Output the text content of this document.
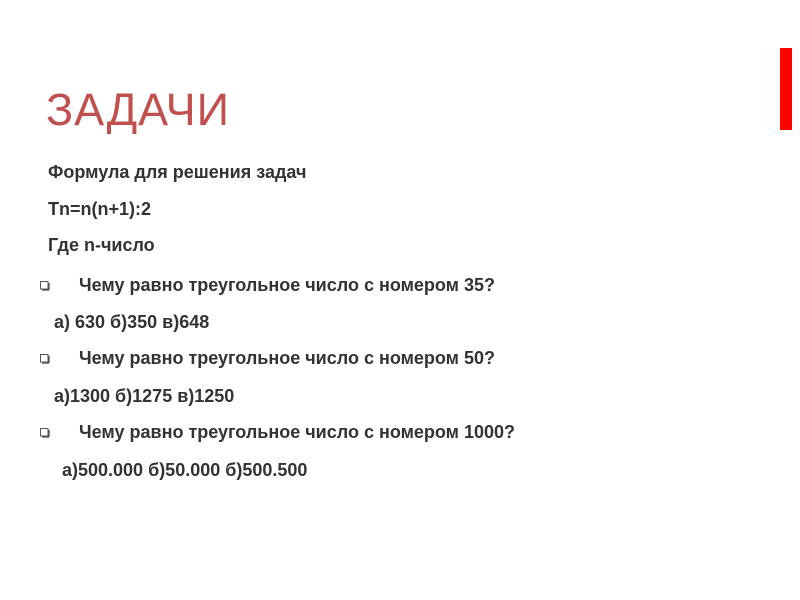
ЗАДАЧИ
Формула для решения задач
Tn=n(n+1):2
Где n-число
Чему равно треугольное число с номером 35?
а) 630 б)350 в)648
Чему равно треугольное число с номером 50?
а)1300 б)1275 в)1250
Чему равно треугольное число с номером 1000?
а)500.000 б)50.000 б)500.500
